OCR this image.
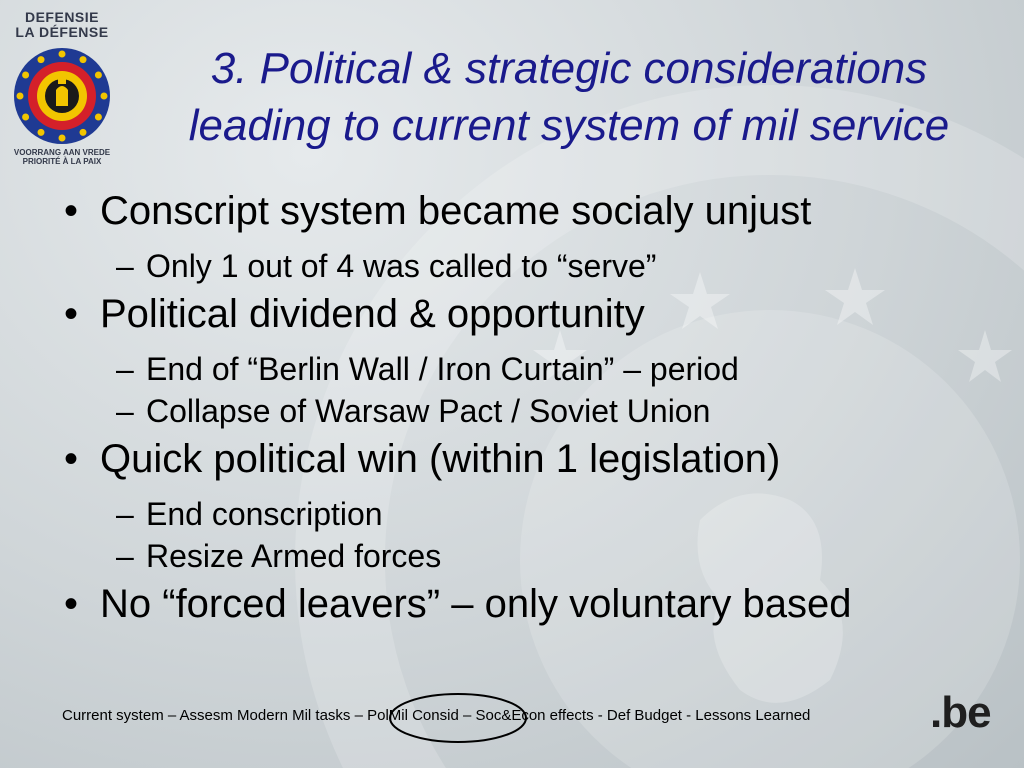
DEFENSIE
LA DÉFENSE
VOORRANG AAN VREDE
PRIORITÉ À LA PAIX
3. Political & strategic considerations
leading to current system of mil service
• Conscript system became socialy unjust
– Only 1 out of 4 was called to “serve”
• Political dividend & opportunity
– End of “Berlin Wall / Iron Curtain” – period
– Collapse of Warsaw Pact / Soviet Union
• Quick political win (within 1 legislation)
– End conscription
– Resize Armed forces
• No “forced leavers” – only voluntary based
Current system – Assesm Modern Mil tasks – PolMil Consid – Soc&Econ effects - Def Budget - Lessons Learned	.be
